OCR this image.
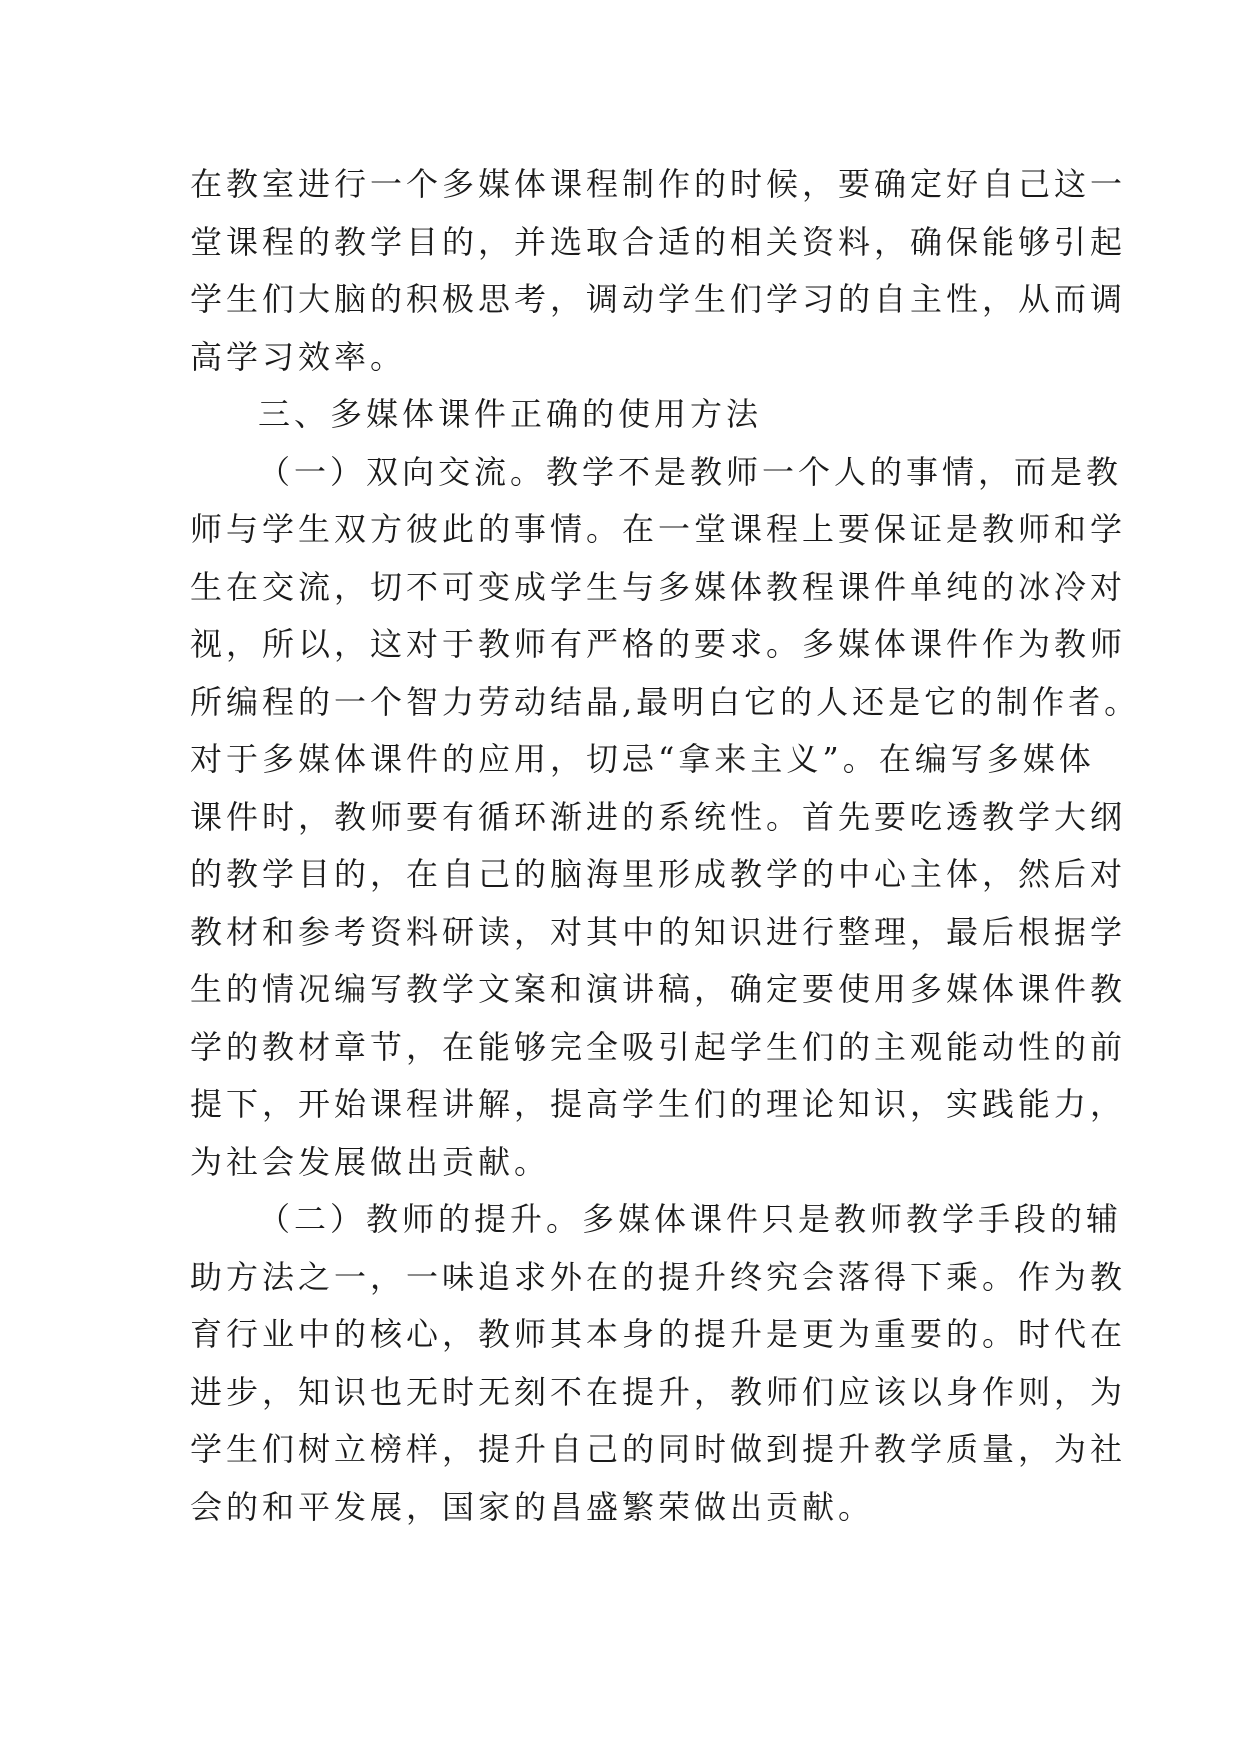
在教室进行一个多媒体课程制作的时候，要确定好自己这一
堂课程的教学目的，并选取合适的相关资料，确保能够引起
学生们大脑的积极思考，调动学生们学习的自主性，从而调
高学习效率。
三、多媒体课件正确的使用方法
（一）双向交流。教学不是教师一个人的事情，而是教
师与学生双方彼此的事情。在一堂课程上要保证是教师和学
生在交流，切不可变成学生与多媒体教程课件单纯的冰冷对
视，所以，这对于教师有严格的要求。多媒体课件作为教师
所编程的一个智力劳动结晶,最明白它的人还是它的制作者。
对于多媒体课件的应用，切忌“拿来主义”。在编写多媒体
课件时，教师要有循环渐进的系统性。首先要吃透教学大纲
的教学目的，在自己的脑海里形成教学的中心主体，然后对
教材和参考资料研读，对其中的知识进行整理，最后根据学
生的情况编写教学文案和演讲稿，确定要使用多媒体课件教
学的教材章节，在能够完全吸引起学生们的主观能动性的前
提下，开始课程讲解，提高学生们的理论知识，实践能力，
为社会发展做出贡献。
（二）教师的提升。多媒体课件只是教师教学手段的辅
助方法之一，一味追求外在的提升终究会落得下乘。作为教
育行业中的核心，教师其本身的提升是更为重要的。时代在
进步，知识也无时无刻不在提升，教师们应该以身作则，为
学生们树立榜样，提升自己的同时做到提升教学质量，为社
会的和平发展，国家的昌盛繁荣做出贡献。
